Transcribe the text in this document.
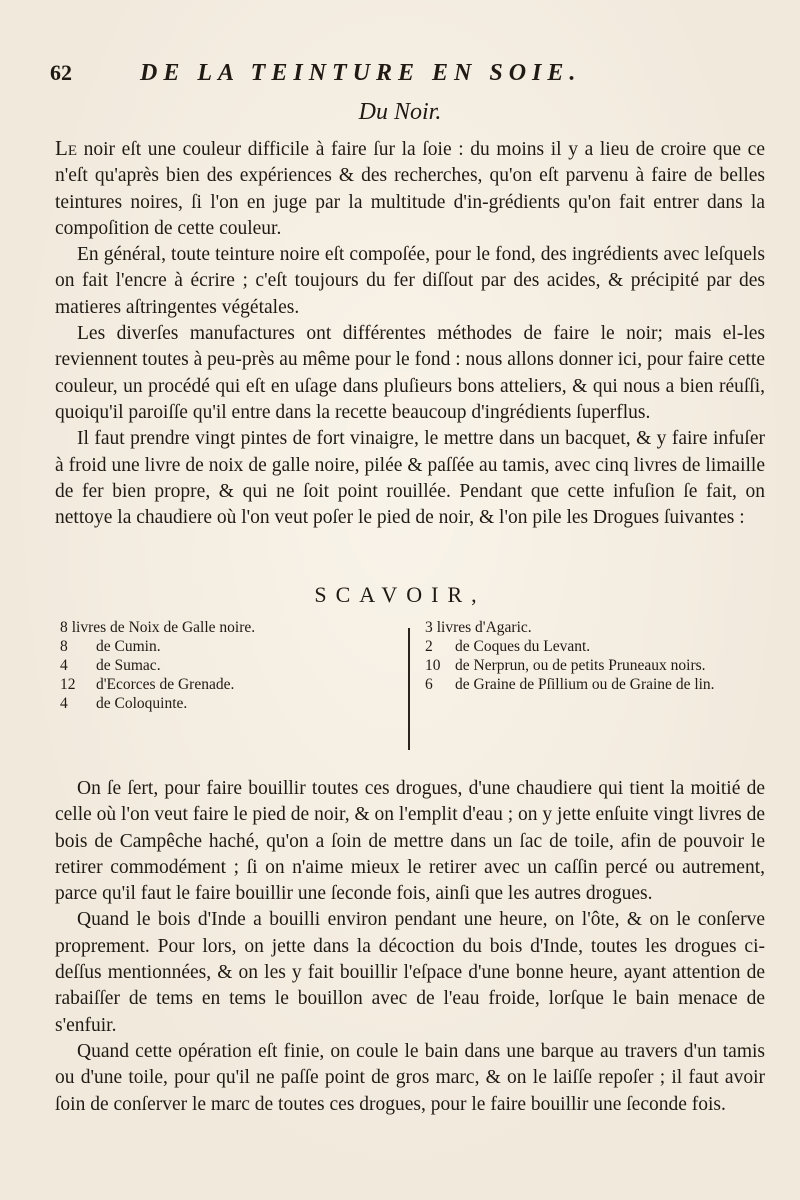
62	DE LA TEINTURE EN SOIE.
Du Noir.

Le noir eſt une couleur difficile à faire ſur la ſoie : du moins il y a lieu de croire que ce n'eſt qu'après bien des expériences & des recherches, qu'on eſt parvenu à faire de belles teintures noires, ſi l'on en juge par la multitude d'in-grédients qu'on fait entrer dans la compoſition de cette couleur.

En général, toute teinture noire eſt compoſée, pour le fond, des ingrédients avec leſquels on fait l'encre à écrire ; c'eſt toujours du fer diſſout par des acides, & précipité par des matieres aſtringentes végétales.

Les diverſes manufactures ont différentes méthodes de faire le noir; mais el-les reviennent toutes à peu-près au même pour le fond : nous allons donner ici, pour faire cette couleur, un procédé qui eſt en uſage dans pluſieurs bons atteliers, & qui nous a bien réuſſi, quoiqu'il paroiſſe qu'il entre dans la recette beaucoup d'ingrédients ſuperflus.

Il faut prendre vingt pintes de fort vinaigre, le mettre dans un bacquet, & y faire infuſer à froid une livre de noix de galle noire, pilée & paſſée au tamis, avec cinq livres de limaille de fer bien propre, & qui ne ſoit point rouillée. Pendant que cette infuſion ſe fait, on nettoye la chaudiere où l'on veut poſer le pied de noir, & l'on pile les Drogues ſuivantes :

SCAVOIR,
8 livres de Noix de Galle noire.
8 de Cumin.
4 de Sumac.
12 d'Ecorces de Grenade.
4 de Coloquinte.
3 livres d'Agaric.
2 de Coques du Levant.
10 de Nerprun, ou de petits Pruneaux noirs.
6 de Graine de Pſillium ou de Graine de lin.

On ſe ſert, pour faire bouillir toutes ces drogues, d'une chaudiere qui tient la moitié de celle où l'on veut faire le pied de noir, & on l'emplit d'eau ; on y jette enſuite vingt livres de bois de Campêche haché, qu'on a ſoin de mettre dans un ſac de toile, afin de pouvoir le retirer commodément ; ſi on n'aime mieux le retirer avec un caſſin percé ou autrement, parce qu'il faut le faire bouillir une ſeconde fois, ainſi que les autres drogues.

Quand le bois d'Inde a bouilli environ pendant une heure, on l'ôte, & on le conſerve proprement. Pour lors, on jette dans la décoction du bois d'Inde, toutes les drogues ci-deſſus mentionnées, & on les y fait bouillir l'eſpace d'une bonne heure, ayant attention de rabaiſſer de tems en tems le bouillon avec de l'eau froide, lorſque le bain menace de s'enfuir.

Quand cette opération eſt finie, on coule le bain dans une barque au travers d'un tamis ou d'une toile, pour qu'il ne paſſe point de gros marc, & on le laiſſe repoſer ; il faut avoir ſoin de conſerver le marc de toutes ces drogues, pour le faire bouillir une ſeconde fois.
